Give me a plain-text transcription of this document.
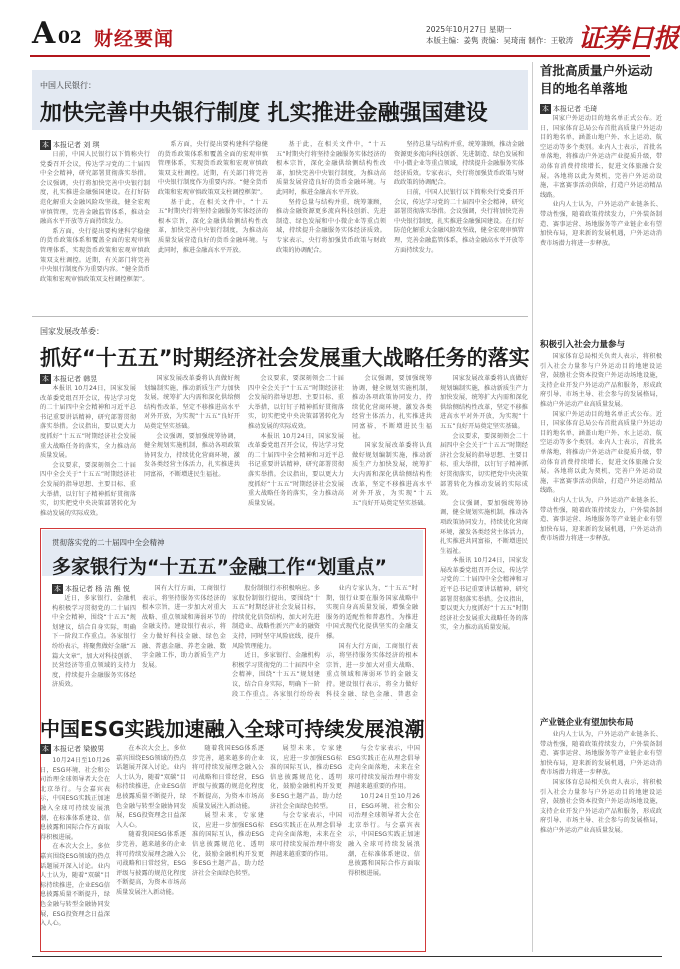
A 02 财经要闻	2025年10月27日 星期一
本版主编：姜隽 责编：吴琦南 制作：王敬涛 证券日报
中国人民银行：
加快完善中央银行制度 扎实推进金融强国建设
本 本报记者 刘 琪

日前，中国人民银行以下简称央行党委召开会议，传达学习党的二十届四中全会精神，研究部署贯彻落实举措。会议强调，央行将加快完善中央银行制度，扎实推进金融强国建设。在打好防范化解重大金融风险攻坚战，健全宏观审慎管理，完善金融监管体系，推动金融高水平开放等方面持续发力。

系方面，央行提出要构建科学稳健的货币政策体系和覆盖全面的宏观审慎管理体系，实现货币政策和宏观审慎政策双支柱调控。近期，有关部门将完善中央银行制度作为重要内容。“健全货币政策和宏观审慎政策双支柱调控框架”。

系方面，央行提出要构建科学稳健的货币政策体系和覆盖全面的宏观审慎管理体系，实现货币政策和宏观审慎政策双支柱调控。近期，有关部门将完善中央银行制度作为重要内容。“健全货币政策和宏观审慎政策双支柱调控框架”。

基于此，在相关文件中，“十五五”时期央行将坚持金融服务实体经济的根本宗旨，深化金融供给侧结构性改革，加快完善中央银行制度，为推动高质量发展营造良好的货币金融环境。与此同时，推进金融高水平开放。

基于此，在相关文件中，“十五五”时期央行将坚持金融服务实体经济的根本宗旨，深化金融供给侧结构性改革，加快完善中央银行制度，为推动高质量发展营造良好的货币金融环境。与此同时，推进金融高水平开放。

坚持总量与结构并重，统筹兼顾，推动金融资源更多流向科技创新、先进制造、绿色发展和中小微企业等重点领域，持续提升金融服务实体经济质效。专家表示，央行将加强货币政策与财政政策的协调配合。

坚持总量与结构并重，统筹兼顾，推动金融资源更多流向科技创新、先进制造、绿色发展和中小微企业等重点领域，持续提升金融服务实体经济质效。专家表示，央行将加强货币政策与财政政策的协调配合。

日前，中国人民银行以下简称央行党委召开会议，传达学习党的二十届四中全会精神，研究部署贯彻落实举措。会议强调，央行将加快完善中央银行制度，扎实推进金融强国建设。在打好防范化解重大金融风险攻坚战，健全宏观审慎管理，完善金融监管体系，推动金融高水平开放等方面持续发力。

国家发展改革委：
抓好“十五五”时期经济社会发展重大战略任务的落实
本 本报记者 韩昱

本报讯 10月24日，国家发展改革委党组召开会议，传达学习党的二十届四中全会精神和习近平总书记重要讲话精神，研究部署贯彻落实举措。会议指出，要以更大力度抓好“十五五”时期经济社会发展重大战略任务的落实，全力推动高质量发展。

会议要求，要深刻领会二十届四中全会关于“十五五”时期经济社会发展的指导思想、主要目标、重大举措，以钉钉子精神抓好贯彻落实，切实把党中央决策部署转化为推动发展的实际成效。

国家发展改革委将认真做好规划编制实施，推动新质生产力加快发展，统筹扩大内需和深化供给侧结构性改革，坚定不移推进高水平对外开放，为实现“十五五”良好开局奠定坚实基础。

会议强调，要加强统筹协调，健全规划实施机制，推动各项政策协同发力，持续优化营商环境，激发各类经营主体活力，扎实推进共同富裕，不断增进民生福祉。

会议要求，要深刻领会二十届四中全会关于“十五五”时期经济社会发展的指导思想、主要目标、重大举措，以钉钉子精神抓好贯彻落实，切实把党中央决策部署转化为推动发展的实际成效。

本报讯 10月24日，国家发展改革委党组召开会议，传达学习党的二十届四中全会精神和习近平总书记重要讲话精神，研究部署贯彻落实举措。会议指出，要以更大力度抓好“十五五”时期经济社会发展重大战略任务的落实，全力推动高质量发展。

会议强调，要加强统筹协调，健全规划实施机制，推动各项政策协同发力，持续优化营商环境，激发各类经营主体活力，扎实推进共同富裕，不断增进民生福祉。

国家发展改革委将认真做好规划编制实施，推动新质生产力加快发展，统筹扩大内需和深化供给侧结构性改革，坚定不移推进高水平对外开放，为实现“十五五”良好开局奠定坚实基础。

国家发展改革委将认真做好规划编制实施，推动新质生产力加快发展，统筹扩大内需和深化供给侧结构性改革，坚定不移推进高水平对外开放，为实现“十五五”良好开局奠定坚实基础。

会议要求，要深刻领会二十届四中全会关于“十五五”时期经济社会发展的指导思想、主要目标、重大举措，以钉钉子精神抓好贯彻落实，切实把党中央决策部署转化为推动发展的实际成效。

会议强调，要加强统筹协调，健全规划实施机制，推动各项政策协同发力，持续优化营商环境，激发各类经营主体活力，扎实推进共同富裕，不断增进民生福祉。

本报讯 10月24日，国家发展改革委党组召开会议，传达学习党的二十届四中全会精神和习近平总书记重要讲话精神，研究部署贯彻落实举措。会议指出，要以更大力度抓好“十五五”时期经济社会发展重大战略任务的落实，全力推动高质量发展。

贯彻落实党的二十届四中全会精神
多家银行为“十五五”金融工作“划重点”
本 本报记者 杨 洁 熊 悦

近日，多家银行、金融机构积极学习贯彻党的二十届四中全会精神，围绕“十五五”规划建议，结合自身实际，明确下一阶段工作重点。各家银行纷纷表示，将聚焦做好金融“五篇大文章”，加大对科技创新、民营经济等重点领域的支持力度，持续提升金融服务实体经济质效。

国有大行方面，工商银行表示，将坚持服务实体经济的根本宗旨，进一步加大对重大战略、重点领域和薄弱环节的金融支持。建设银行表示，将全力做好科技金融、绿色金融、普惠金融、养老金融、数字金融工作，助力新质生产力发展。

股份制银行亦积极响应。多家股份制银行提出，要围绕“十五五”时期经济社会发展目标，持续优化信贷结构，加大对先进制造业、战略性新兴产业的融资支持，同时坚守风险底线，提升风险管理能力。

近日，多家银行、金融机构积极学习贯彻党的二十届四中全会精神，围绕“十五五”规划建议，结合自身实际，明确下一阶段工作重点。各家银行纷纷表

业内专家认为，“十五五”时期，银行业要在服务国家战略中实现自身高质量发展，增强金融服务的适配性和普惠性，为推进中国式现代化提供坚实的金融支撑。

国有大行方面，工商银行表示，将坚持服务实体经济的根本宗旨，进一步加大对重大战略、重点领域和薄弱环节的金融支持。建设银行表示，将全力做好科技金融、绿色金融、普惠金

中国ESG实践加速融入全球可持续发展浪潮
本 本报记者 梁傲男

10月24日至10月26日，ESG环境、社会和公司治理全球领导者大会在北京举行。与会嘉宾表示，中国ESG实践正加速融入全球可持续发展浪潮，在标准体系建设、信息披露和国际合作方面取得积极进展。

在本次大会上，多位嘉宾围绕ESG领域的热点话题展开深入讨论。业内人士认为，随着“双碳”目标持续推进，企业ESG信息披露质量不断提升，绿色金融与转型金融协同发展，ESG投资理念日益深入人心。

在本次大会上，多位嘉宾围绕ESG领域的热点话题展开深入讨论。业内人士认为，随着“双碳”目标持续推进，企业ESG信息披露质量不断提升，绿色金融与转型金融协同发展，ESG投资理念日益深入人心。

随着我国ESG体系逐步完善，越来越多的企业将可持续发展理念融入公司战略和日常经营，ESG评级与披露的规范化程度不断提高，为资本市场高质量发展注入新动能。

随着我国ESG体系逐步完善，越来越多的企业将可持续发展理念融入公司战略和日常经营，ESG评级与披露的规范化程度不断提高，为资本市场高质量发展注入新动能。

展望未来，专家建议，应进一步加强ESG标准的国际互认，推动ESG信息披露规范化、透明化，鼓励金融机构开发更多ESG主题产品，助力经济社会全面绿色转型。

展望未来，专家建议，应进一步加强ESG标准的国际互认，推动ESG信息披露规范化、透明化，鼓励金融机构开发更多ESG主题产品，助力经济社会全面绿色转型。

与会专家表示，中国ESG实践正在从理念倡导走向全面落地，未来在全球可持续发展治理中将发挥越来越重要的作用。

与会专家表示，中国ESG实践正在从理念倡导走向全面落地，未来在全球可持续发展治理中将发挥越来越重要的作用。

10月24日至10月26日，ESG环境、社会和公司治理全球领导者大会在北京举行。与会嘉宾表示，中国ESG实践正加速融入全球可持续发展浪潮，在标准体系建设、信息披露和国际合作方面取得积极进展。

首批高质量户外运动目的地名单落地
本 本报记者 毛琦

国家户外运动目的地名单正式公布。近日，国家体育总局公布首批高质量户外运动目的地名单，涵盖山地户外、水上运动、航空运动等多个类别。业内人士表示，首批名单落地，将推动户外运动产业提质升级，带动体育消费持续增长，促进文体旅融合发展。各地将以此为契机，完善户外运动设施，丰富赛事活动供给，打造户外运动精品线路。

业内人士认为，户外运动产业链条长、带动性强，随着政策持续发力，户外装备制造、赛事运营、场地服务等产业链企业有望加快布局，迎来新的发展机遇，户外运动消费市场潜力将进一步释放。

积极引入社会力量参与

国家体育总局相关负责人表示，将积极引入社会力量参与户外运动目的地建设运营，鼓励社会资本投资户外运动场地设施，支持企业开发户外运动产品和服务，形成政府引导、市场主导、社会参与的发展格局，推动户外运动产业高质量发展。

国家户外运动目的地名单正式公布。近日，国家体育总局公布首批高质量户外运动目的地名单，涵盖山地户外、水上运动、航空运动等多个类别。业内人士表示，首批名单落地，将推动户外运动产业提质升级，带动体育消费持续增长，促进文体旅融合发展。各地将以此为契机，完善户外运动设施，丰富赛事活动供给，打造户外运动精品线路。

业内人士认为，户外运动产业链条长、带动性强，随着政策持续发力，户外装备制造、赛事运营、场地服务等产业链企业有望加快布局，迎来新的发展机遇，户外运动消费市场潜力将进一步释放。

产业链企业有望加快布局

业内人士认为，户外运动产业链条长、带动性强，随着政策持续发力，户外装备制造、赛事运营、场地服务等产业链企业有望加快布局，迎来新的发展机遇，户外运动消费市场潜力将进一步释放。

国家体育总局相关负责人表示，将积极引入社会力量参与户外运动目的地建设运营，鼓励社会资本投资户外运动场地设施，支持企业开发户外运动产品和服务，形成政府引导、市场主导、社会参与的发展格局，推动户外运动产业高质量发展。
